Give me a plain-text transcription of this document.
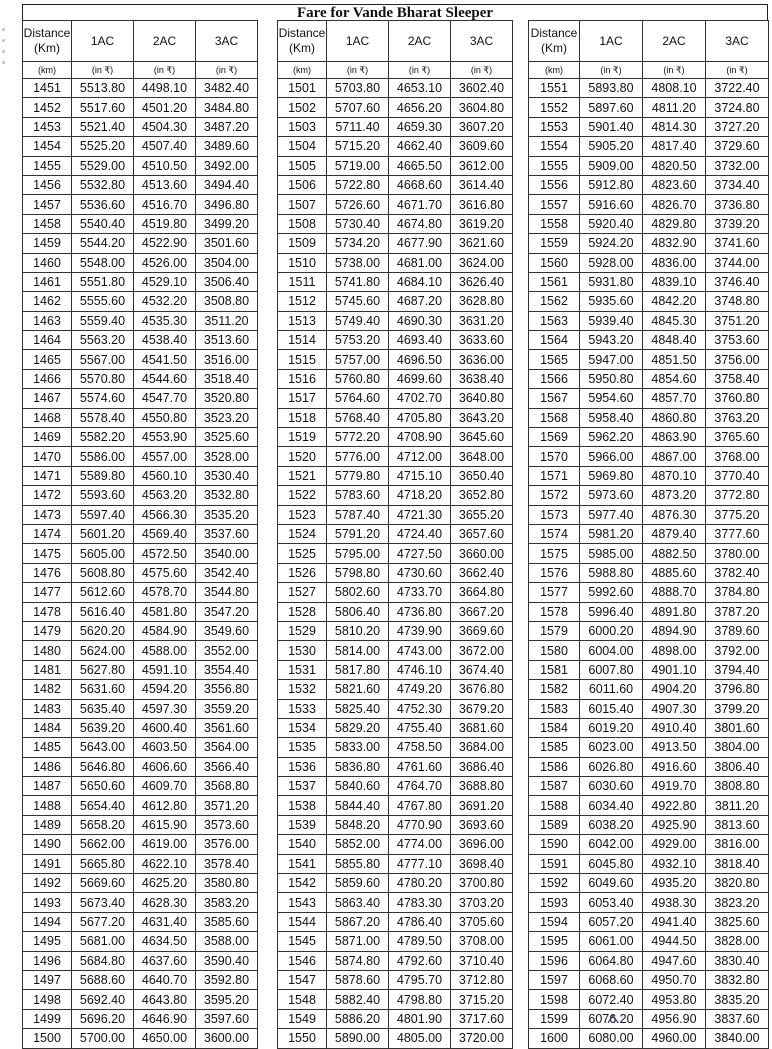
Fare for Vande Bharat Sleeper
Distance (Km)	1AC	2AC	3AC
(km)	(in ₹)	(in ₹)	(in ₹)
1451	5513.80	4498.10	3482.40
1452	5517.60	4501.20	3484.80
1453	5521.40	4504.30	3487.20
1454	5525.20	4507.40	3489.60
1455	5529.00	4510.50	3492.00
1456	5532.80	4513.60	3494.40
1457	5536.60	4516.70	3496.80
1458	5540.40	4519.80	3499.20
1459	5544.20	4522.90	3501.60
1460	5548.00	4526.00	3504.00
1461	5551.80	4529.10	3506.40
1462	5555.60	4532.20	3508.80
1463	5559.40	4535.30	3511.20
1464	5563.20	4538.40	3513.60
1465	5567.00	4541.50	3516.00
1466	5570.80	4544.60	3518.40
1467	5574.60	4547.70	3520.80
1468	5578.40	4550.80	3523.20
1469	5582.20	4553.90	3525.60
1470	5586.00	4557.00	3528.00
1471	5589.80	4560.10	3530.40
1472	5593.60	4563.20	3532.80
1473	5597.40	4566.30	3535.20
1474	5601.20	4569.40	3537.60
1475	5605.00	4572.50	3540.00
1476	5608.80	4575.60	3542.40
1477	5612.60	4578.70	3544.80
1478	5616.40	4581.80	3547.20
1479	5620.20	4584.90	3549.60
1480	5624.00	4588.00	3552.00
1481	5627.80	4591.10	3554.40
1482	5631.60	4594.20	3556.80
1483	5635.40	4597.30	3559.20
1484	5639.20	4600.40	3561.60
1485	5643.00	4603.50	3564.00
1486	5646.80	4606.60	3566.40
1487	5650.60	4609.70	3568.80
1488	5654.40	4612.80	3571.20
1489	5658.20	4615.90	3573.60
1490	5662.00	4619.00	3576.00
1491	5665.80	4622.10	3578.40
1492	5669.60	4625.20	3580.80
1493	5673.40	4628.30	3583.20
1494	5677.20	4631.40	3585.60
1495	5681.00	4634.50	3588.00
1496	5684.80	4637.60	3590.40
1497	5688.60	4640.70	3592.80
1498	5692.40	4643.80	3595.20
1499	5696.20	4646.90	3597.60
1500	5700.00	4650.00	3600.00
Distance (Km)	1AC	2AC	3AC
(km)	(in ₹)	(in ₹)	(in ₹)
1501	5703.80	4653.10	3602.40
1502	5707.60	4656.20	3604.80
1503	5711.40	4659.30	3607.20
1504	5715.20	4662.40	3609.60
1505	5719.00	4665.50	3612.00
1506	5722.80	4668.60	3614.40
1507	5726.60	4671.70	3616.80
1508	5730.40	4674.80	3619.20
1509	5734.20	4677.90	3621.60
1510	5738.00	4681.00	3624.00
1511	5741.80	4684.10	3626.40
1512	5745.60	4687.20	3628.80
1513	5749.40	4690.30	3631.20
1514	5753.20	4693.40	3633.60
1515	5757.00	4696.50	3636.00
1516	5760.80	4699.60	3638.40
1517	5764.60	4702.70	3640.80
1518	5768.40	4705.80	3643.20
1519	5772.20	4708.90	3645.60
1520	5776.00	4712.00	3648.00
1521	5779.80	4715.10	3650.40
1522	5783.60	4718.20	3652.80
1523	5787.40	4721.30	3655.20
1524	5791.20	4724.40	3657.60
1525	5795.00	4727.50	3660.00
1526	5798.80	4730.60	3662.40
1527	5802.60	4733.70	3664.80
1528	5806.40	4736.80	3667.20
1529	5810.20	4739.90	3669.60
1530	5814.00	4743.00	3672.00
1531	5817.80	4746.10	3674.40
1532	5821.60	4749.20	3676.80
1533	5825.40	4752.30	3679.20
1534	5829.20	4755.40	3681.60
1535	5833.00	4758.50	3684.00
1536	5836.80	4761.60	3686.40
1537	5840.60	4764.70	3688.80
1538	5844.40	4767.80	3691.20
1539	5848.20	4770.90	3693.60
1540	5852.00	4774.00	3696.00
1541	5855.80	4777.10	3698.40
1542	5859.60	4780.20	3700.80
1543	5863.40	4783.30	3703.20
1544	5867.20	4786.40	3705.60
1545	5871.00	4789.50	3708.00
1546	5874.80	4792.60	3710.40
1547	5878.60	4795.70	3712.80
1548	5882.40	4798.80	3715.20
1549	5886.20	4801.90	3717.60
1550	5890.00	4805.00	3720.00
Distance (Km)	1AC	2AC	3AC
(km)	(in ₹)	(in ₹)	(in ₹)
1551	5893.80	4808.10	3722.40
1552	5897.60	4811.20	3724.80
1553	5901.40	4814.30	3727.20
1554	5905.20	4817.40	3729.60
1555	5909.00	4820.50	3732.00
1556	5912.80	4823.60	3734.40
1557	5916.60	4826.70	3736.80
1558	5920.40	4829.80	3739.20
1559	5924.20	4832.90	3741.60
1560	5928.00	4836.00	3744.00
1561	5931.80	4839.10	3746.40
1562	5935.60	4842.20	3748.80
1563	5939.40	4845.30	3751.20
1564	5943.20	4848.40	3753.60
1565	5947.00	4851.50	3756.00
1566	5950.80	4854.60	3758.40
1567	5954.60	4857.70	3760.80
1568	5958.40	4860.80	3763.20
1569	5962.20	4863.90	3765.60
1570	5966.00	4867.00	3768.00
1571	5969.80	4870.10	3770.40
1572	5973.60	4873.20	3772.80
1573	5977.40	4876.30	3775.20
1574	5981.20	4879.40	3777.60
1575	5985.00	4882.50	3780.00
1576	5988.80	4885.60	3782.40
1577	5992.60	4888.70	3784.80
1578	5996.40	4891.80	3787.20
1579	6000.20	4894.90	3789.60
1580	6004.00	4898.00	3792.00
1581	6007.80	4901.10	3794.40
1582	6011.60	4904.20	3796.80
1583	6015.40	4907.30	3799.20
1584	6019.20	4910.40	3801.60
1585	6023.00	4913.50	3804.00
1586	6026.80	4916.60	3806.40
1587	6030.60	4919.70	3808.80
1588	6034.40	4922.80	3811.20
1589	6038.20	4925.90	3813.60
1590	6042.00	4929.00	3816.00
1591	6045.80	4932.10	3818.40
1592	6049.60	4935.20	3820.80
1593	6053.40	4938.30	3823.20
1594	6057.20	4941.40	3825.60
1595	6061.00	4944.50	3828.00
1596	6064.80	4947.60	3830.40
1597	6068.60	4950.70	3832.80
1598	6072.40	4953.80	3835.20
1599	6076.20	4956.90	3837.60
1600	6080.00	4960.00	3840.00
